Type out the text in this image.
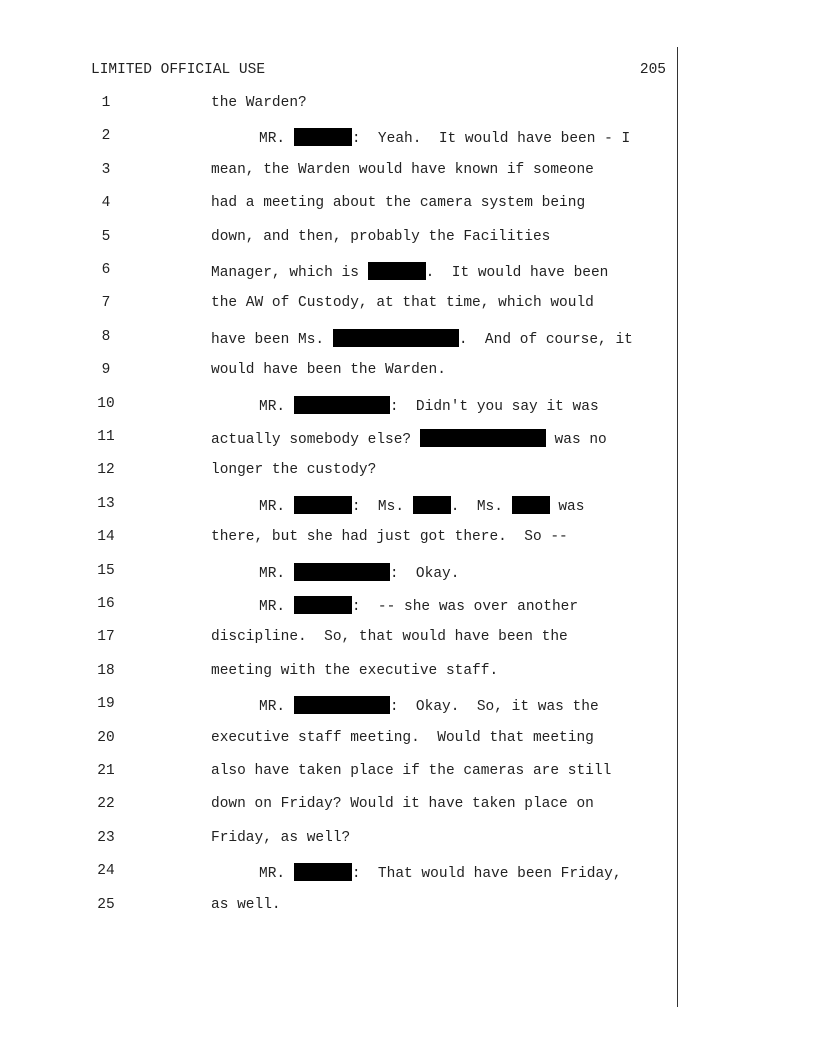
LIMITED OFFICIAL USE	205
1	the Warden?
2	MR.	:  Yeah.  It would have been - I
3	mean, the Warden would have known if someone
4	had a meeting about the camera system being
5	down, and then, probably the Facilities
6	Manager, which is	.  It would have been
7	the AW of Custody, at that time, which would
8	have been Ms.	.  And of course, it
9	would have been the Warden.
10	MR.	:  Didn't you say it was
11	actually somebody else?	was no
12	longer the custody?
13	MR.	:  Ms.	.  Ms.	was
14	there, but she had just got there.  So --
15	MR.	:  Okay.
16	MR.	:  -- she was over another
17	discipline.  So, that would have been the
18	meeting with the executive staff.
19	MR.	:  Okay.  So, it was the
20	executive staff meeting.  Would that meeting
21	also have taken place if the cameras are still
22	down on Friday? Would it have taken place on
23	Friday, as well?
24	MR.	:  That would have been Friday,
25	as well.
